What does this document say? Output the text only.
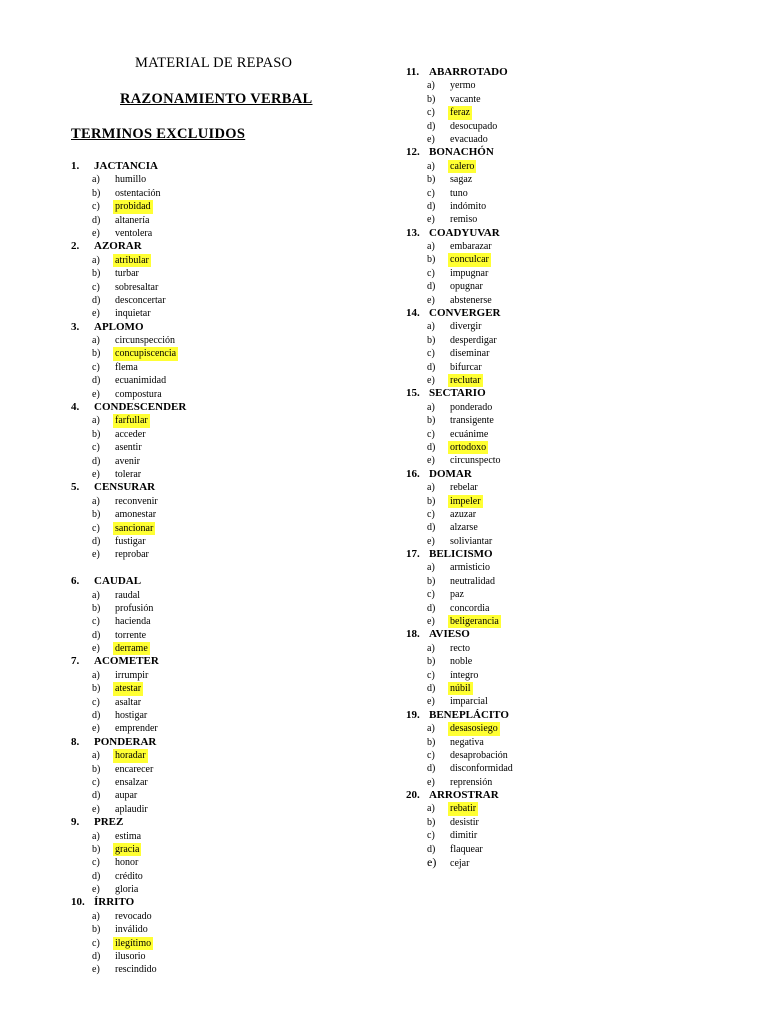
MATERIAL DE REPASO
RAZONAMIENTO VERBAL
TERMINOS EXCLUIDOS
1. JACTANCIA
a) humillo
b) ostentación
c) probidad
d) altanería
e) ventolera
2. AZORAR
a) atribular
b) turbar
c) sobresaltar
d) desconcertar
e) inquietar
3. APLOMO
a) circunspección
b) concupiscencia
c) flema
d) ecuanimidad
e) compostura
4. CONDESCENDER
a) farfullar
b) acceder
c) asentir
d) avenir
e) tolerar
5. CENSURAR
a) reconvenir
b) amonestar
c) sancionar
d) fustigar
e) reprobar
6. CAUDAL
a) raudal
b) profusión
c) hacienda
d) torrente
e) derrame
7. ACOMETER
a) irrumpir
b) atestar
c) asaltar
d) hostigar
e) emprender
8. PONDERAR
a) horadar
b) encarecer
c) ensalzar
d) aupar
e) aplaudir
9. PREZ
a) estima
b) gracia
c) honor
d) crédito
e) gloria
10. ÍRRITO
a) revocado
b) inválido
c) ilegítimo
d) ilusorio
e) rescindido
11. ABARROTADO
a) yermo
b) vacante
c) feraz
d) desocupado
e) evacuado
12. BONACHÓN
a) calero
b) sagaz
c) tuno
d) indómito
e) remiso
13. COADYUVAR
a) embarazar
b) conculcar
c) impugnar
d) opugnar
e) abstenerse
14. CONVERGER
a) divergir
b) desperdigar
c) diseminar
d) bifurcar
e) reclutar
15. SECTARIO
a) ponderado
b) transigente
c) ecuánime
d) ortodoxo
e) circunspecto
16. DOMAR
a) rebelar
b) impeler
c) azuzar
d) alzarse
e) soliviantar
17. BELICISMO
a) armisticio
b) neutralidad
c) paz
d) concordia
e) beligerancia
18. AVIESO
a) recto
b) noble
c) íntegro
d) núbil
e) imparcial
19. BENEPLÁCITO
a) desasosiego
b) negativa
c) desaprobación
d) disconformidad
e) reprensión
20. ARROSTRAR
a) rebatir
b) desistir
c) dimitir
d) flaquear
e) cejar
